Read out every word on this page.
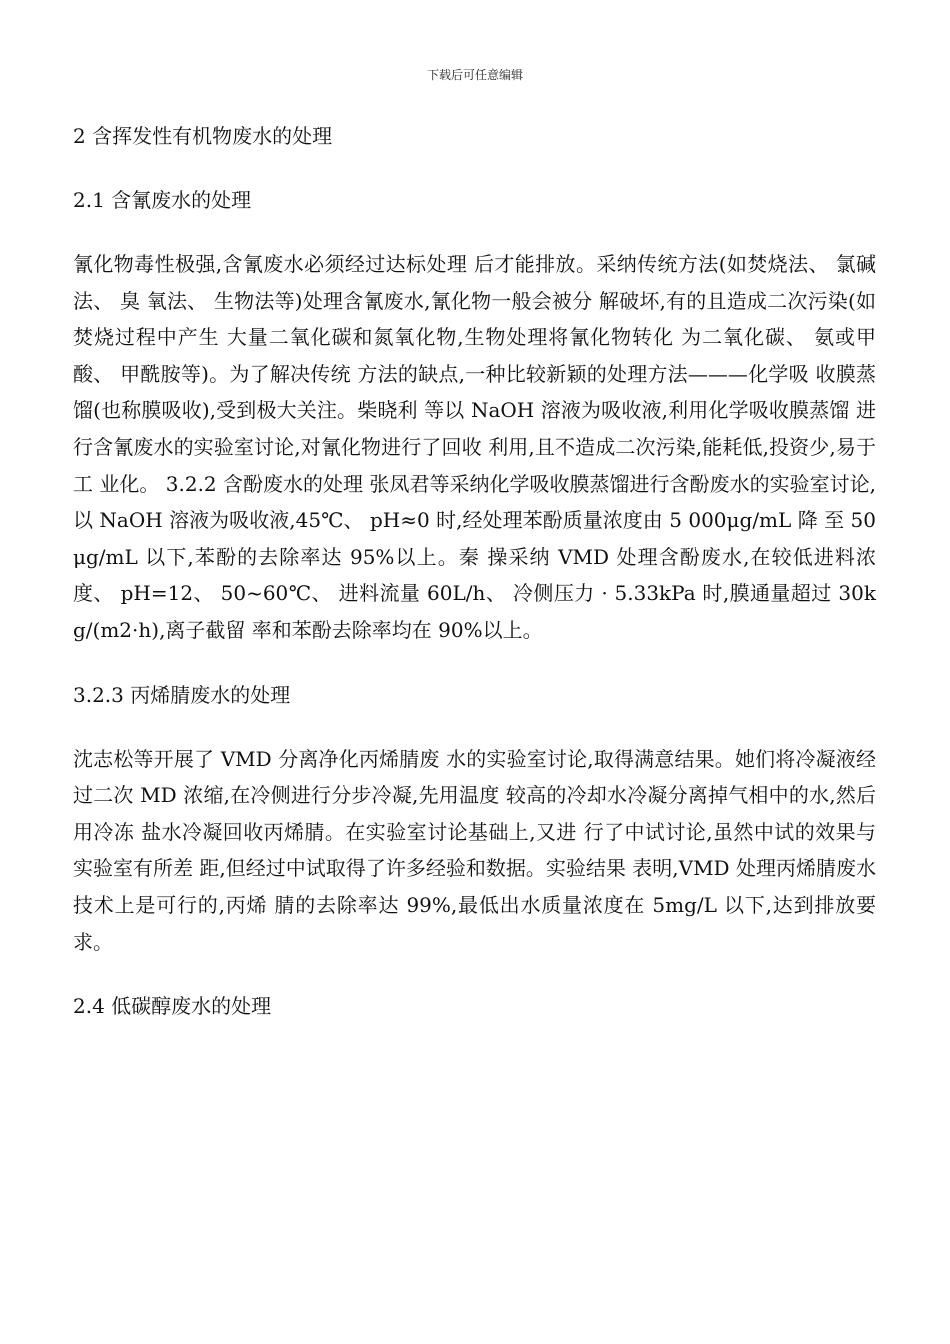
下载后可任意编辑

2 含挥发性有机物废水的处理

2.1 含氰废水的处理

氰化物毒性极强,含氰废水必须经过达标处理 后才能排放。采纳传统方法(如焚烧法、 氯碱法、 臭 氧法、 生物法等)处理含氰废水,氰化物一般会被分 解破坏,有的且造成二次污染(如焚烧过程中产生 大量二氧化碳和氮氧化物,生物处理将氰化物转化 为二氧化碳、 氨或甲酸、 甲酰胺等)。为了解决传统 方法的缺点,一种比较新颖的处理方法———化学吸 收膜蒸馏(也称膜吸收),受到极大关注。柴晓利 等以 NaOH 溶液为吸收液,利用化学吸收膜蒸馏 进行含氰废水的实验室讨论,对氰化物进行了回收 利用,且不造成二次污染,能耗低,投资少,易于工 业化。 3.2.2 含酚废水的处理 张凤君等采纳化学吸收膜蒸馏进行含酚废水的实验室讨论,以 NaOH 溶液为吸收液,45℃、 pH≈0 时,经处理苯酚质量浓度由 5 000μg/mL 降 至 50μg/mL 以下,苯酚的去除率达 95%以上。秦 操采纳 VMD 处理含酚废水,在较低进料浓度、 pH=12、 50~60℃、 进料流量 60L/h、 冷侧压力 · 5.33kPa 时,膜通量超过 30kg/(m2·h),离子截留 率和苯酚去除率均在 90%以上。

3.2.3 丙烯腈废水的处理

沈志松等开展了 VMD 分离净化丙烯腈废 水的实验室讨论,取得满意结果。她们将冷凝液经 过二次 MD 浓缩,在冷侧进行分步冷凝,先用温度 较高的冷却水冷凝分离掉气相中的水,然后用冷冻 盐水冷凝回收丙烯腈。在实验室讨论基础上,又进 行了中试讨论,虽然中试的效果与实验室有所差 距,但经过中试取得了许多经验和数据。实验结果 表明,VMD 处理丙烯腈废水技术上是可行的,丙烯 腈的去除率达 99%,最低出水质量浓度在 5mg/L 以下,达到排放要求。

2.4 低碳醇废水的处理
